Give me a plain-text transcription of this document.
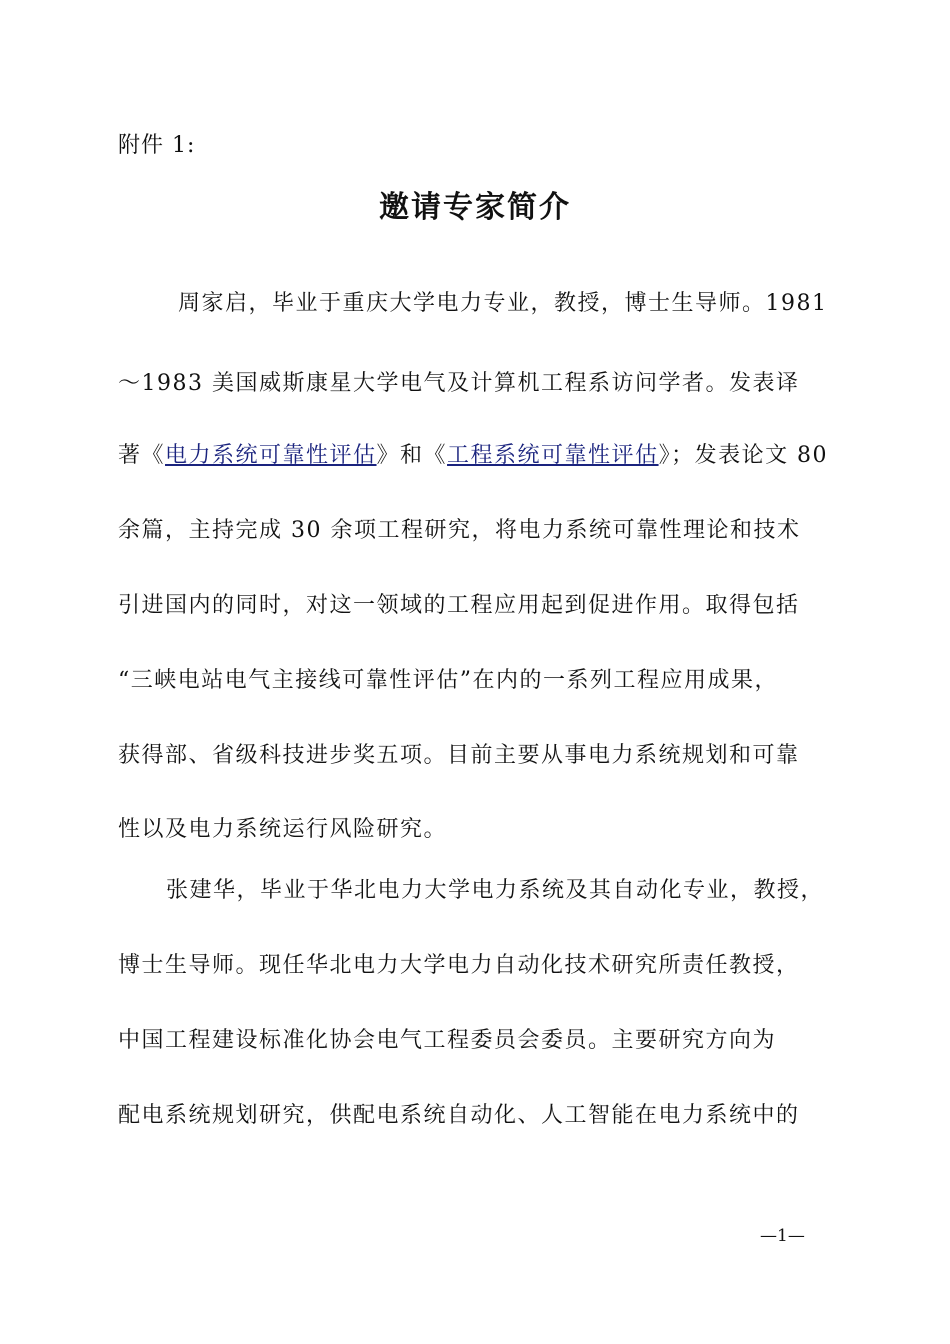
附件 1:
邀请专家简介
周家启，毕业于重庆大学电力专业，教授，博士生导师。1981
～1983 美国威斯康星大学电气及计算机工程系访问学者。发表译
著《电力系统可靠性评估》和《工程系统可靠性评估》；发表论文 80
余篇，主持完成 30 余项工程研究，将电力系统可靠性理论和技术
引进国内的同时，对这一领域的工程应用起到促进作用。取得包括
“三峡电站电气主接线可靠性评估”在内的一系列工程应用成果，
获得部、省级科技进步奖五项。目前主要从事电力系统规划和可靠
性以及电力系统运行风险研究。
张建华，毕业于华北电力大学电力系统及其自动化专业，教授，
博士生导师。现任华北电力大学电力自动化技术研究所责任教授，
中国工程建设标准化协会电气工程委员会委员。主要研究方向为
配电系统规划研究，供配电系统自动化、人工智能在电力系统中的
—1—
